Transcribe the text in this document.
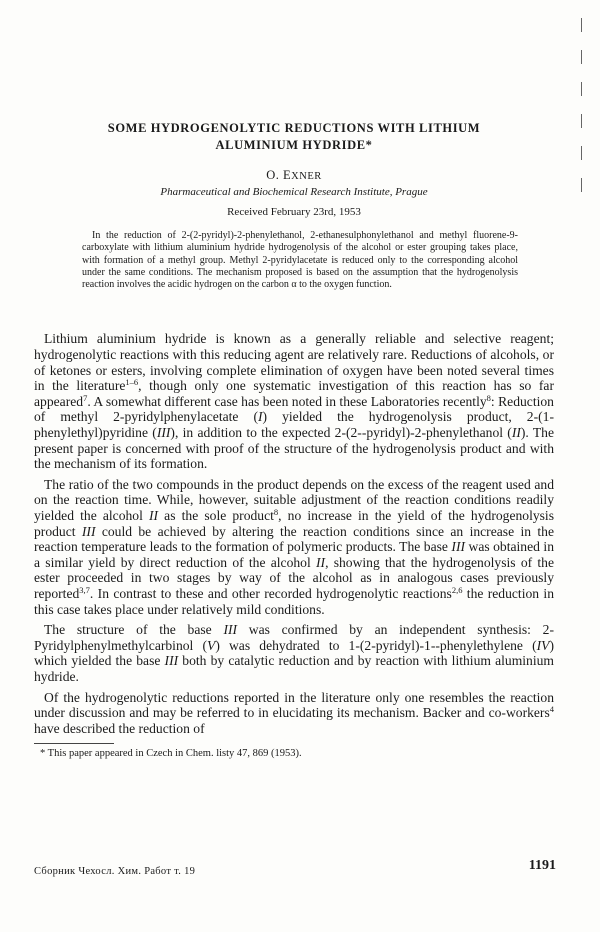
SOME HYDROGENOLYTIC REDUCTIONS WITH LITHIUM
ALUMINIUM HYDRIDE*
O. EXNER
Pharmaceutical and Biochemical Research Institute, Prague
Received February 23rd, 1953
In the reduction of 2-(2-pyridyl)-2-phenylethanol, 2-ethanesulphonylethanol and methyl fluorene-9-carboxylate with lithium aluminium hydride hydrogenolysis of the alcohol or ester grouping takes place, with formation of a methyl group. Methyl 2-pyridylacetate is reduced only to the corresponding alcohol under the same conditions. The mechanism proposed is based on the assumption that the hydrogenolysis reaction involves the acidic hydrogen on the carbon α to the oxygen function.

Lithium aluminium hydride is known as a generally reliable and selective reagent; hydrogenolytic reactions with this reducing agent are relatively rare. Reductions of alcohols, or of ketones or esters, involving complete elimination of oxygen have been noted several times in the literature$^{1-6}$, though only one systematic investigation of this reaction has so far appeared$^7$. A somewhat different case has been noted in these Laboratories recently$^8$: Reduction of methyl 2-pyridylphenylacetate (I) yielded the hydrogenolysis product, 2-(1-phenylethyl)pyridine (III), in addition to the expected 2-(2--pyridyl)-2-phenylethanol (II). The present paper is concerned with proof of the structure of the hydrogenolysis product and with the mechanism of its formation.

The ratio of the two compounds in the product depends on the excess of the reagent used and on the reaction time. While, however, suitable adjustment of the reaction conditions readily yielded the alcohol II as the sole product$^8$, no increase in the yield of the hydrogenolysis product III could be achieved by altering the reaction conditions since an increase in the reaction temperature leads to the formation of polymeric products. The base III was obtained in a similar yield by direct reduction of the alcohol II, showing that the hydrogenolysis of the ester proceeded in two stages by way of the alcohol as in analogous cases previously reported$^{3,7}$. In contrast to these and other recorded hydrogenolytic reactions$^{2,6}$ the reduction in this case takes place under relatively mild conditions.

The structure of the base III was confirmed by an independent synthesis: 2-Pyridylphenylmethylcarbinol (V) was dehydrated to 1-(2-pyridyl)-1--phenylethylene (IV) which yielded the base III both by catalytic reduction and by reaction with lithium aluminium hydride.

Of the hydrogenolytic reductions reported in the literature only one resembles the reaction under discussion and may be referred to in elucidating its mechanism. Backer and co-workers$^4$ have described the reduction of

* This paper appeared in Czech in Chem. listy 47, 869 (1953).
Сборник Чехосл. Хим. Работ т. 19	1191
